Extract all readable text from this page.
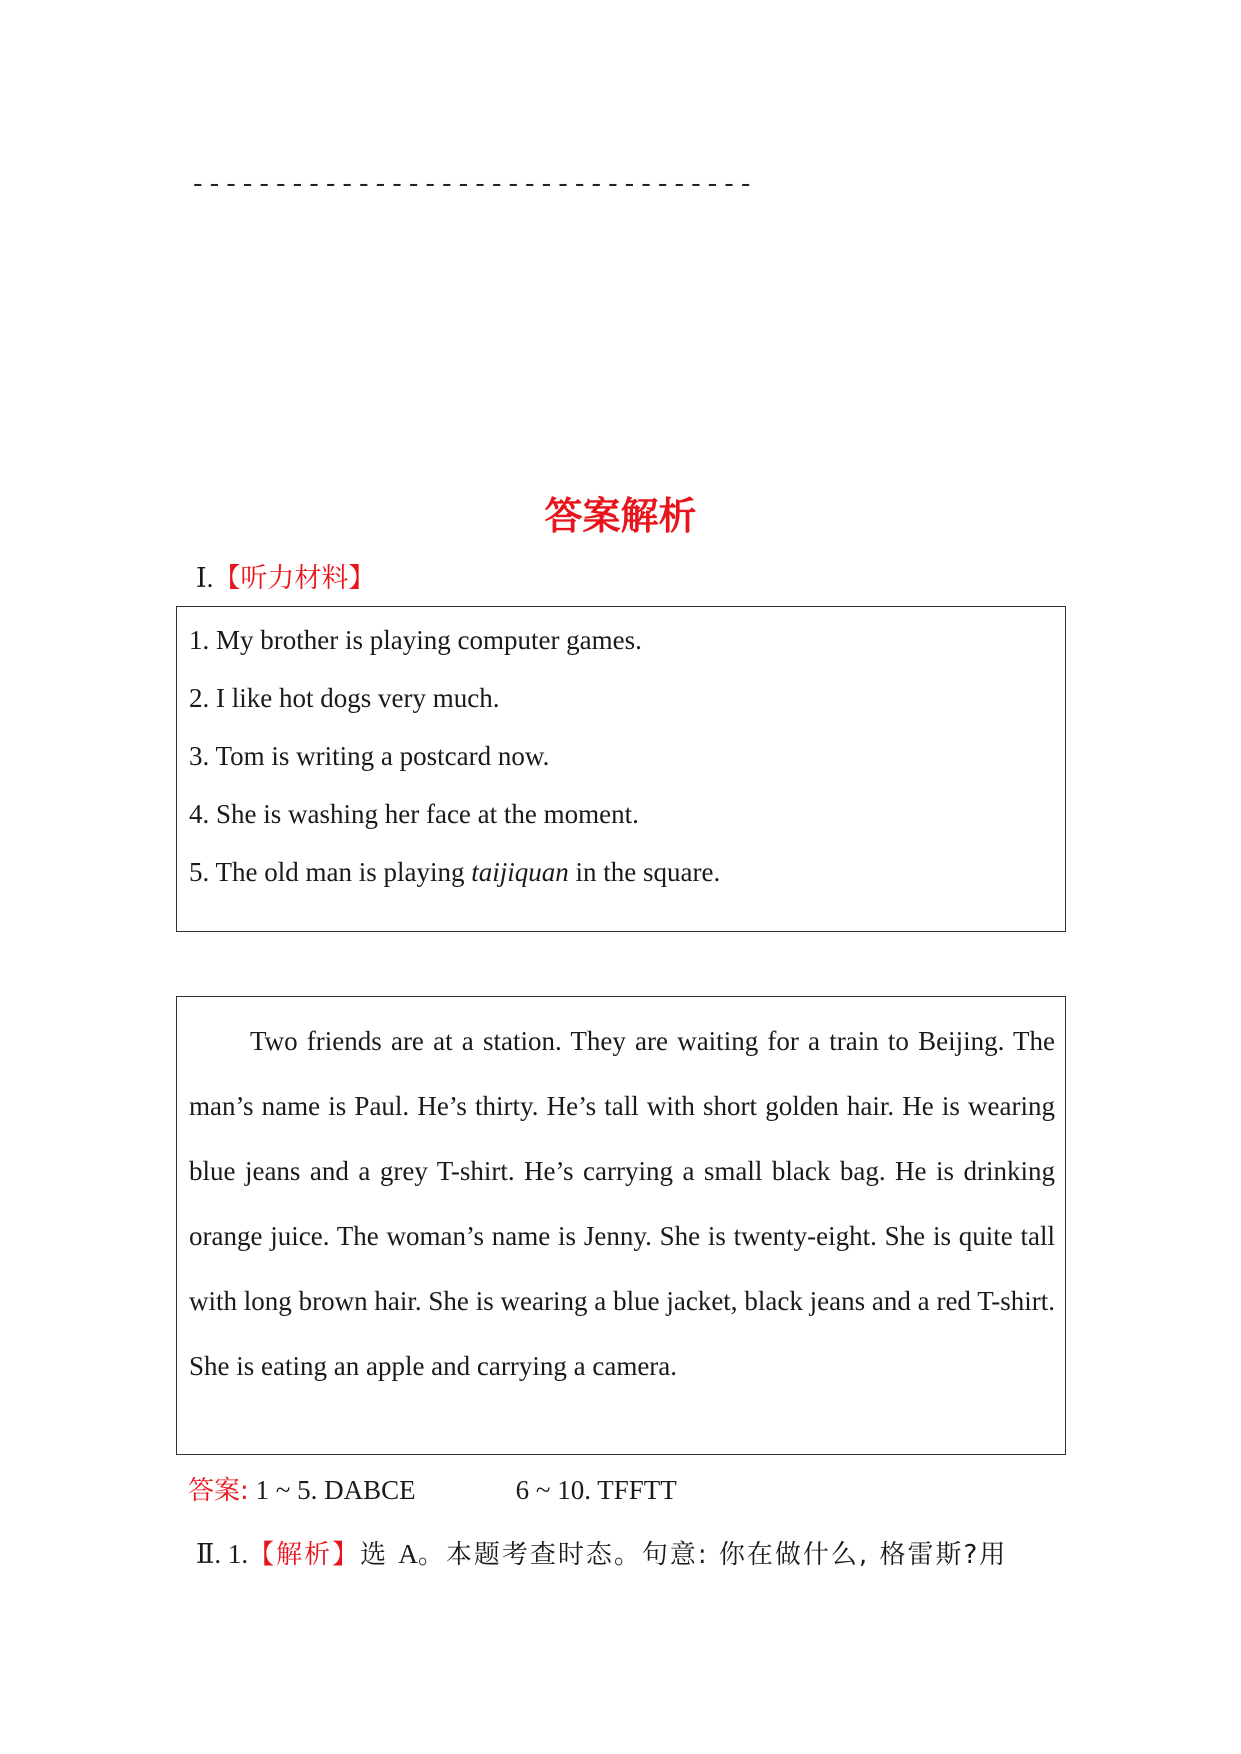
----------------------------------
答案解析
Ⅰ.【听力材料】
1. My brother is playing computer games.
2. I like hot dogs very much.
3. Tom is writing a postcard now.
4. She is washing her face at the moment.
5. The old man is playing taijiquan in the square.

Two friends are at a station. They are waiting for a train to Beijing. The man’s name is Paul. He’s thirty. He’s tall with short golden hair. He is wearing blue jeans and a grey T-shirt. He’s carrying a small black bag. He is drinking orange juice. The woman’s name is Jenny. She is twenty-eight. She is quite tall with long brown hair. She is wearing a blue jacket, black jeans and a red T-shirt. She is eating an apple and carrying a camera.

答案: 1 ~ 5. DABCE	6 ~ 10. TFFTT
Ⅱ. 1.【解析】选 A。本题考查时态。句意: 你在做什么, 格雷斯?用
